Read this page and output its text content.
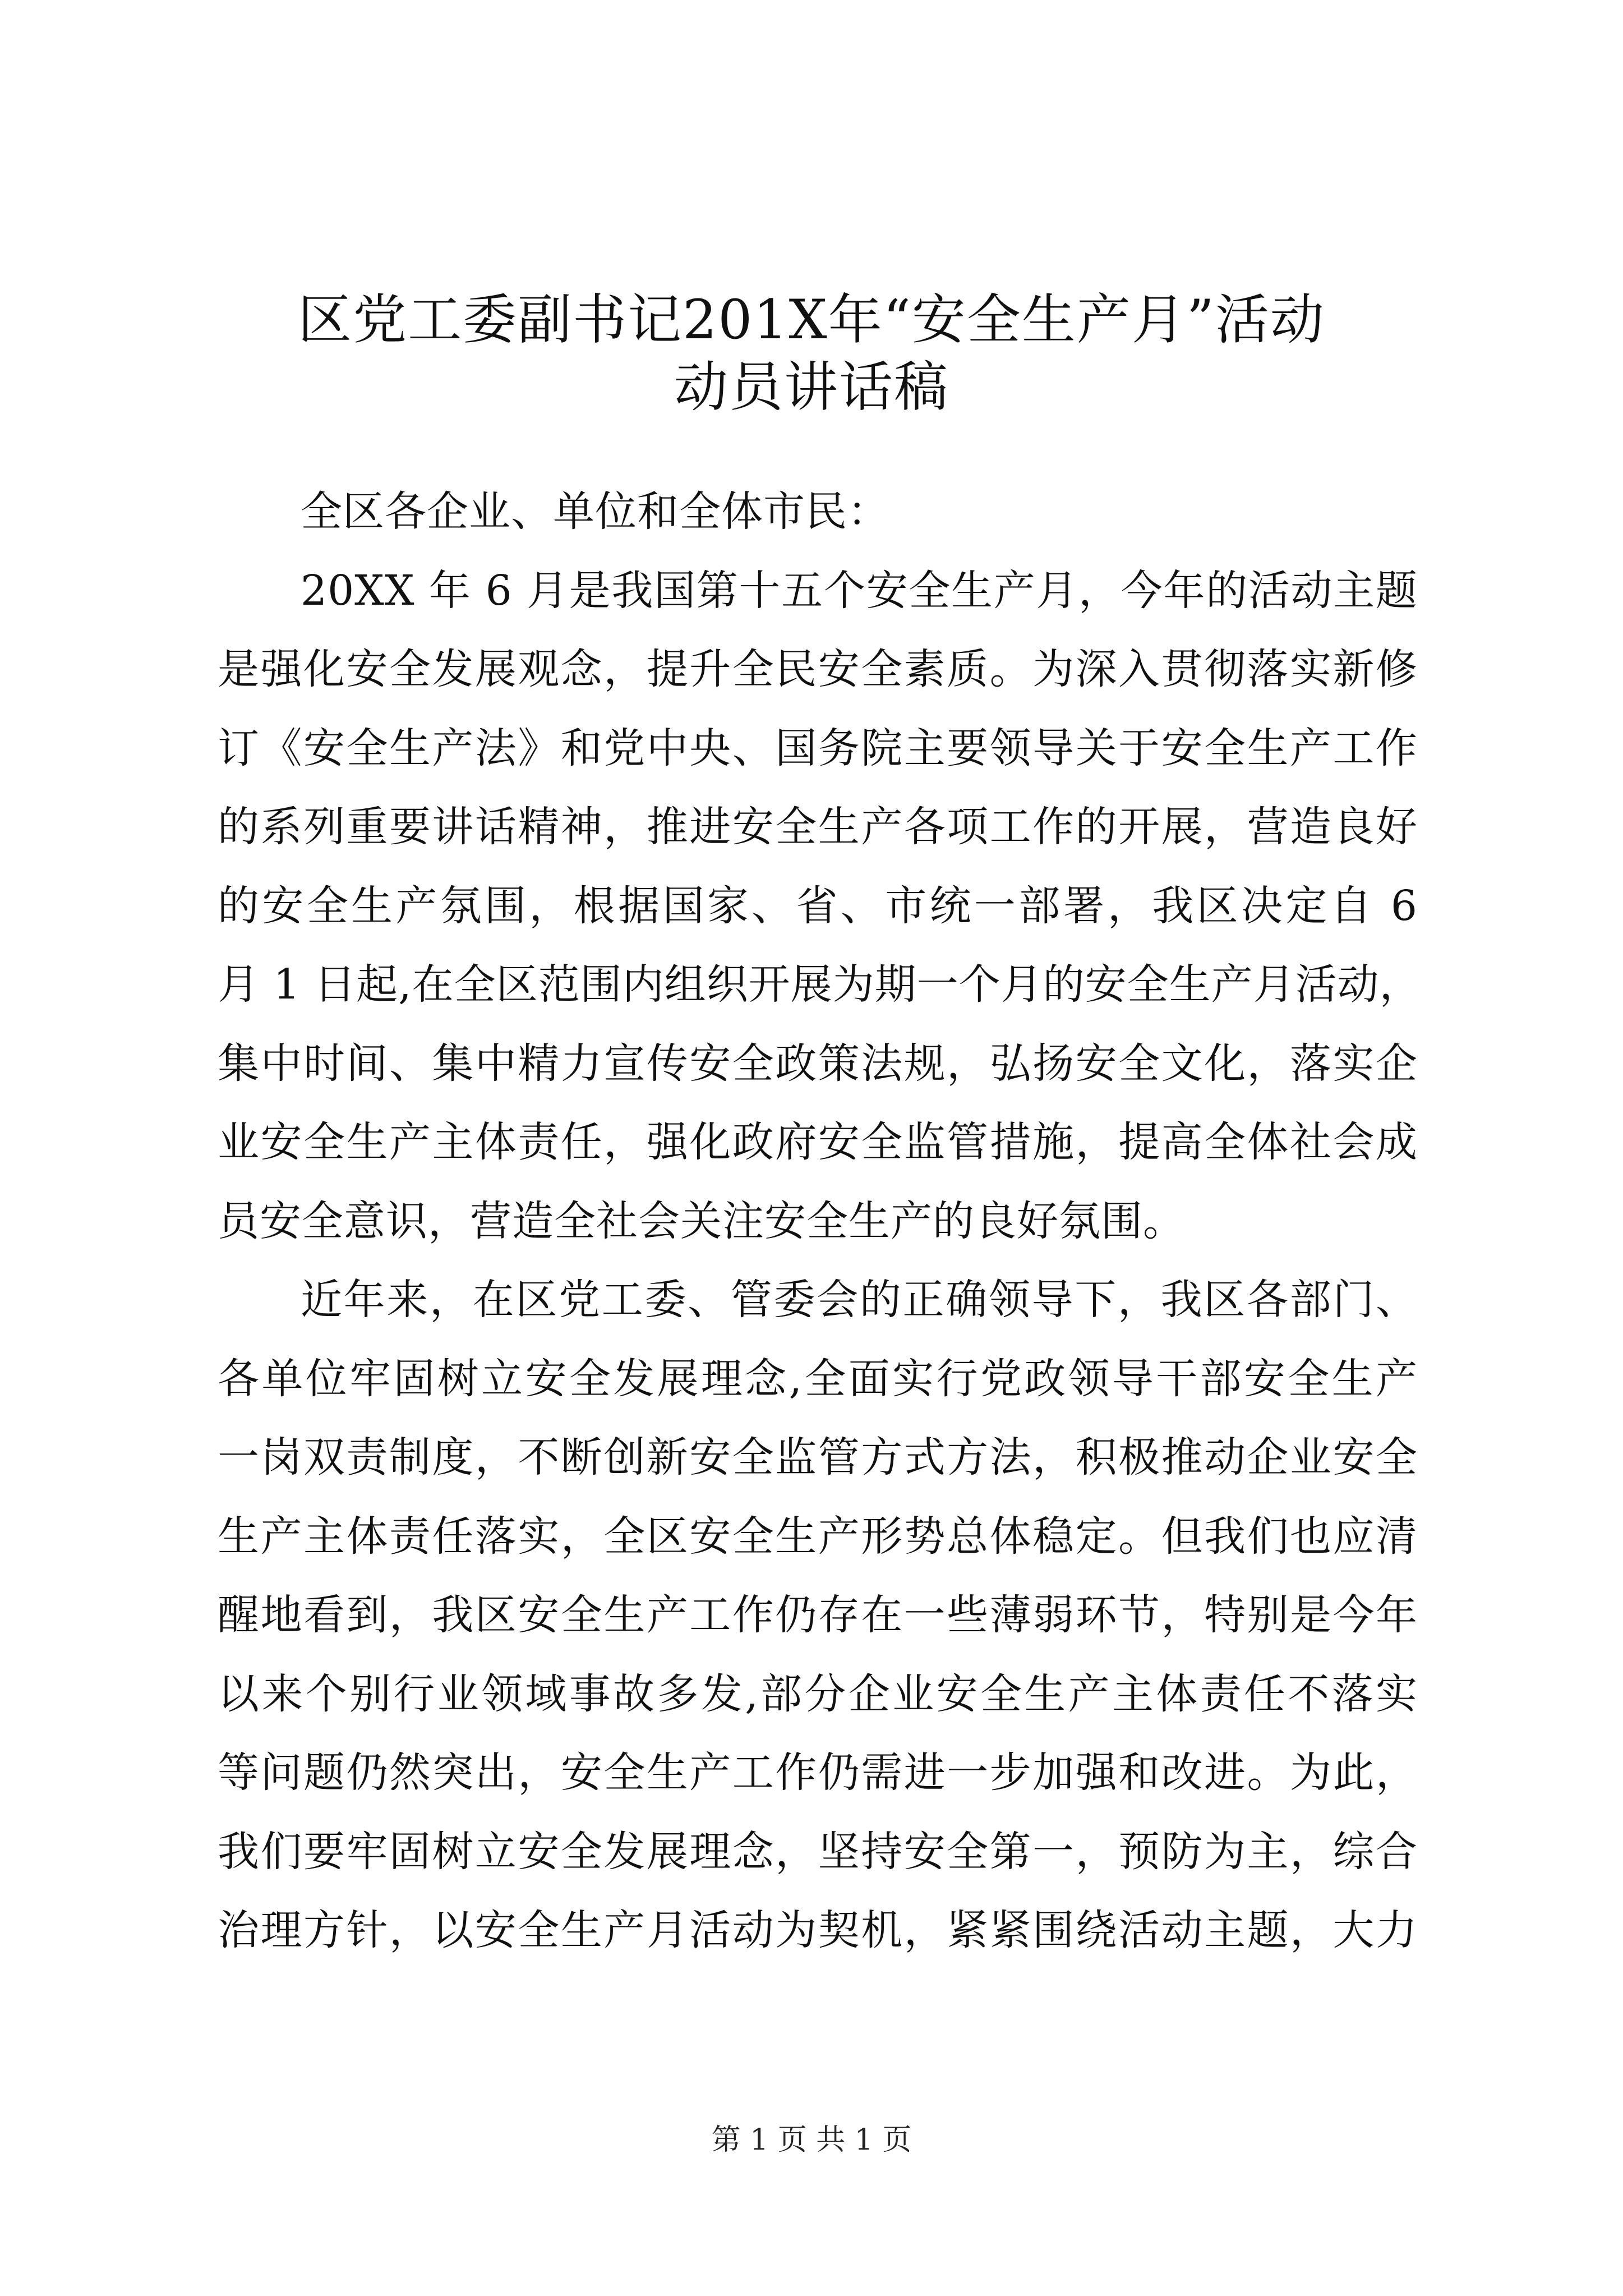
区党工委副书记201X年“安全生产月”活动
动员讲话稿
全区各企业、单位和全体市民：
20XX 年 6 月是我国第十五个安全生产月，今年的活动主题
是强化安全发展观念，提升全民安全素质。为深入贯彻落实新修
订《安全生产法》和党中央、国务院主要领导关于安全生产工作
的系列重要讲话精神，推进安全生产各项工作的开展，营造良好
的安全生产氛围，根据国家、省、市统一部署，我区决定自 6
月 1 日起,在全区范围内组织开展为期一个月的安全生产月活动，
集中时间、集中精力宣传安全政策法规，弘扬安全文化，落实企
业安全生产主体责任，强化政府安全监管措施，提高全体社会成
员安全意识，营造全社会关注安全生产的良好氛围。
近年来，在区党工委、管委会的正确领导下，我区各部门、
各单位牢固树立安全发展理念,全面实行党政领导干部安全生产
一岗双责制度，不断创新安全监管方式方法，积极推动企业安全
生产主体责任落实，全区安全生产形势总体稳定。但我们也应清
醒地看到，我区安全生产工作仍存在一些薄弱环节，特别是今年
以来个别行业领域事故多发,部分企业安全生产主体责任不落实
等问题仍然突出，安全生产工作仍需进一步加强和改进。为此，
我们要牢固树立安全发展理念，坚持安全第一，预防为主，综合
治理方针，以安全生产月活动为契机，紧紧围绕活动主题，大力
第 1 页 共 1 页
